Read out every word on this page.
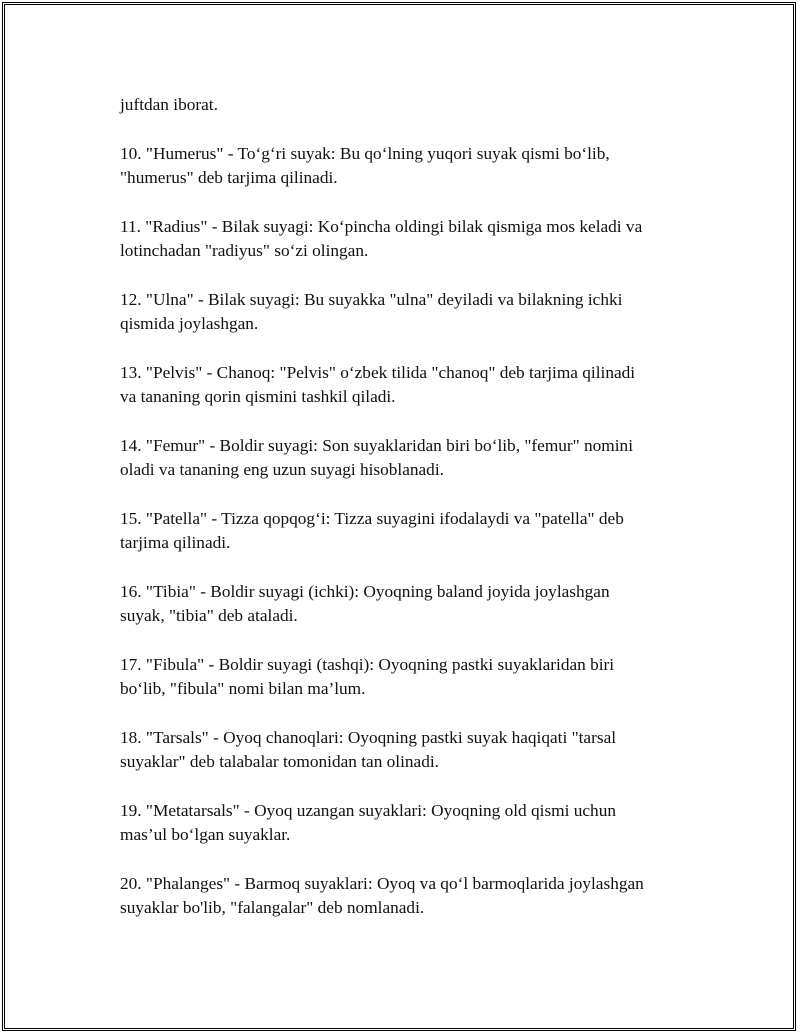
juftdan iborat.

10. "Humerus" - To‘g‘ri suyak: Bu qo‘lning yuqori suyak qismi bo‘lib,
"humerus" deb tarjima qilinadi.

11. "Radius" - Bilak suyagi: Ko‘pincha oldingi bilak qismiga mos keladi va
lotinchadan "radiyus" so‘zi olingan.

12. "Ulna" - Bilak suyagi: Bu suyakka "ulna" deyiladi va bilakning ichki
qismida joylashgan.

13. "Pelvis" - Chanoq: "Pelvis" o‘zbek tilida "chanoq" deb tarjima qilinadi
va tananing qorin qismini tashkil qiladi.

14. "Femur" - Boldir suyagi: Son suyaklaridan biri bo‘lib, "femur" nomini
oladi va tananing eng uzun suyagi hisoblanadi.

15. "Patella" - Tizza qopqog‘i: Tizza suyagini ifodalaydi va "patella" deb
tarjima qilinadi.

16. "Tibia" - Boldir suyagi (ichki): Oyoqning baland joyida joylashgan
suyak, "tibia" deb ataladi.

17. "Fibula" - Boldir suyagi (tashqi): Oyoqning pastki suyaklaridan biri
bo‘lib, "fibula" nomi bilan ma’lum.

18. "Tarsals" - Oyoq chanoqlari: Oyoqning pastki suyak haqiqati "tarsal
suyaklar" deb talabalar tomonidan tan olinadi.

19. "Metatarsals" - Oyoq uzangan suyaklari: Oyoqning old qismi uchun
mas’ul bo‘lgan suyaklar.

20. "Phalanges" - Barmoq suyaklari: Oyoq va qo‘l barmoqlarida joylashgan
suyaklar bo'lib, "falangalar" deb nomlanadi.
